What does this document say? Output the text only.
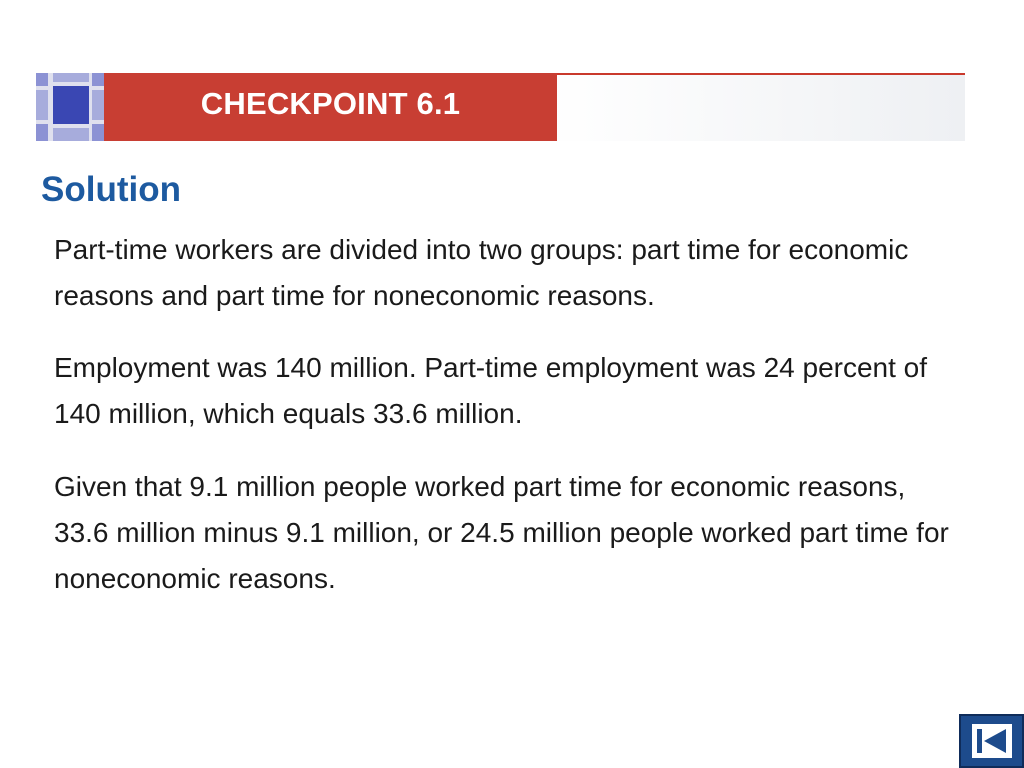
CHECKPOINT 6.1
Solution

Part-time workers are divided into two groups: part time for economic reasons and part time for noneconomic reasons.

Employment was 140 million. Part-time employment was 24 percent of 140 million, which equals 33.6 million.

Given that 9.1 million people worked part time for economic reasons, 33.6 million minus 9.1 million, or 24.5 million people worked part time for noneconomic reasons.
